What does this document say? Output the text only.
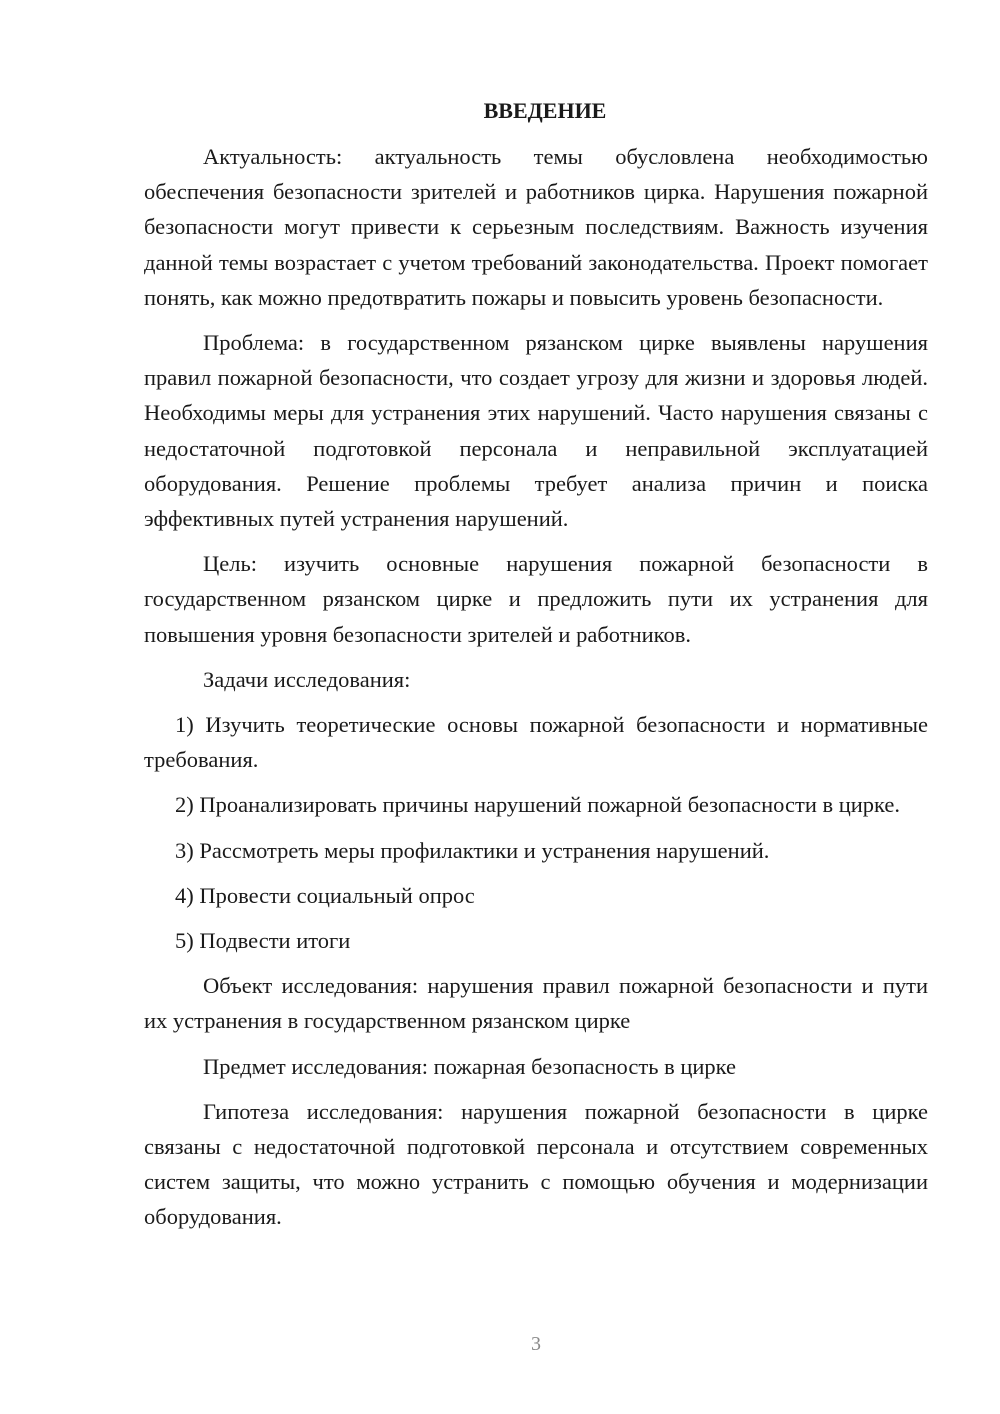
ВВЕДЕНИЕ

Актуальность: актуальность темы обусловлена необходимостью обеспечения безопасности зрителей и работников цирка. Нарушения пожарной безопасности могут привести к серьезным последствиям. Важность изучения данной темы возрастает с учетом требований законодательства. Проект помогает понять, как можно предотвратить пожары и повысить уровень безопасности.

Проблема: в государственном рязанском цирке выявлены нарушения правил пожарной безопасности, что создает угрозу для жизни и здоровья людей. Необходимы меры для устранения этих нарушений. Часто нарушения связаны с недостаточной подготовкой персонала и неправильной эксплуатацией оборудования. Решение проблемы требует анализа причин и поиска эффективных путей устранения нарушений.

Цель: изучить основные нарушения пожарной безопасности в государственном рязанском цирке и предложить пути их устранения для повышения уровня безопасности зрителей и работников.

Задачи исследования:

1) Изучить теоретические основы пожарной безопасности и нормативные требования.

2) Проанализировать причины нарушений пожарной безопасности в цирке.

3) Рассмотреть меры профилактики и устранения нарушений.

4) Провести социальный опрос

5) Подвести итоги

Объект исследования: нарушения правил пожарной безопасности и пути их устранения в государственном рязанском цирке

Предмет исследования: пожарная безопасность в цирке

Гипотеза исследования: нарушения пожарной безопасности в цирке связаны с недостаточной подготовкой персонала и отсутствием современных систем защиты, что можно устранить с помощью обучения и модернизации оборудования.

3
